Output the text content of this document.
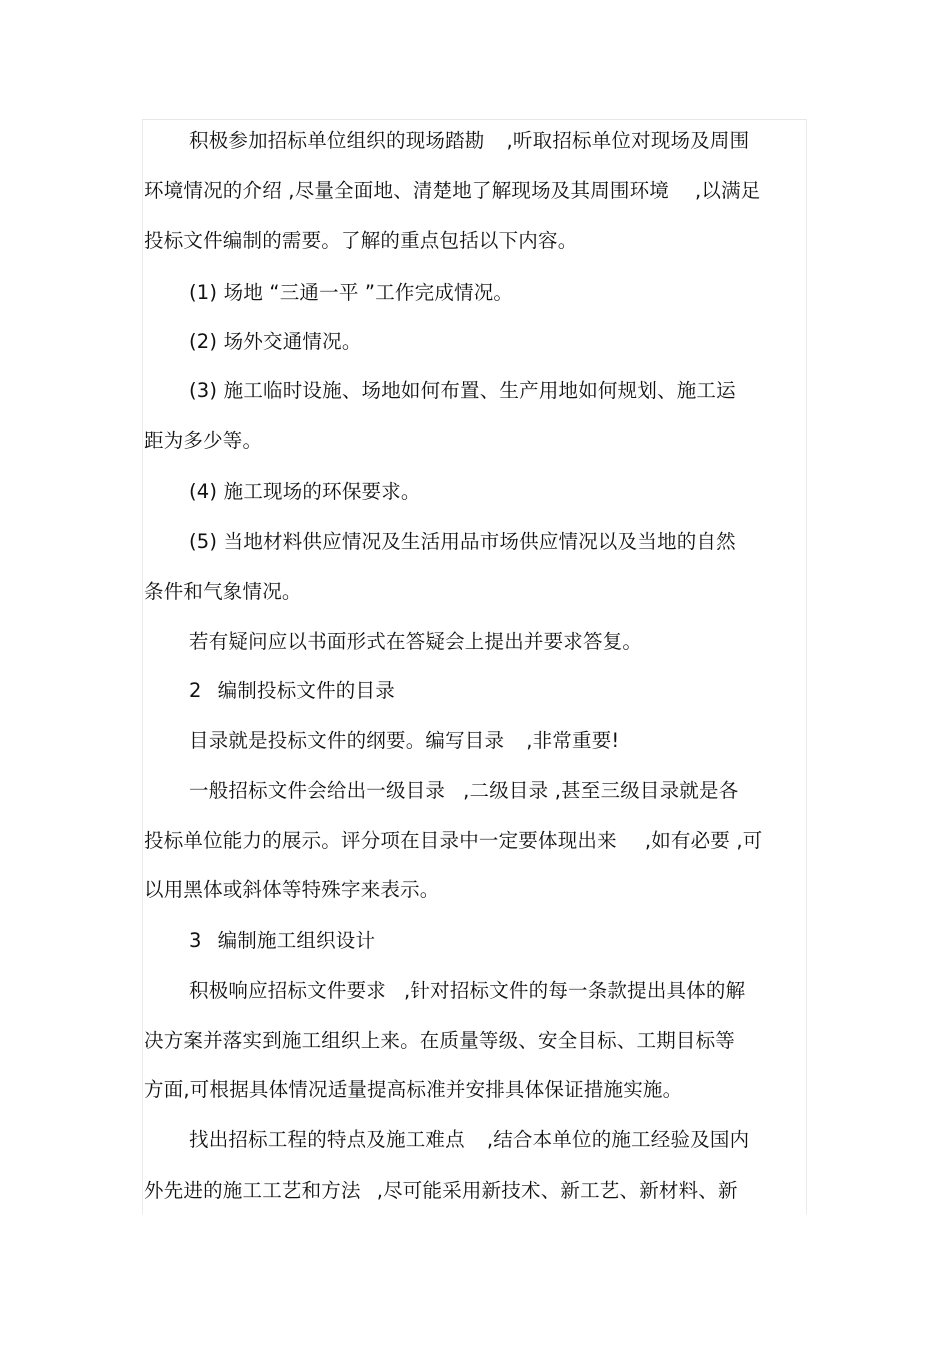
积极参加招标单位组织的现场踏勘 ,听取招标单位对现场及周围
环境情况的介绍 ,尽量全面地、清楚地了解现场及其周围环境 ,以满足
投标文件编制的需要。了解的重点包括以下内容。
(1) 场地 “三通一平 ”工作完成情况。
(2) 场外交通情况。
(3) 施工临时设施、场地如何布置、生产用地如何规划、施工运
距为多少等。
(4) 施工现场的环保要求。
(5) 当地材料供应情况及生活用品市场供应情况以及当地的自然
条件和气象情况。
若有疑问应以书面形式在答疑会上提出并要求答复。
2 编制投标文件的目录
目录就是投标文件的纲要。编写目录 ,非常重要!
一般招标文件会给出一级目录 ,二级目录 ,甚至三级目录就是各
投标单位能力的展示。评分项在目录中一定要体现出来 ,如有必要 ,可
以用黑体或斜体等特殊字来表示。
3 编制施工组织设计
积极响应招标文件要求 ,针对招标文件的每一条款提出具体的解
决方案并落实到施工组织上来。在质量等级、安全目标、工期目标等
方面,可根据具体情况适量提高标准并安排具体保证措施实施。
找出招标工程的特点及施工难点 ,结合本单位的施工经验及国内
外先进的施工工艺和方法 ,尽可能采用新技术、新工艺、新材料、新
